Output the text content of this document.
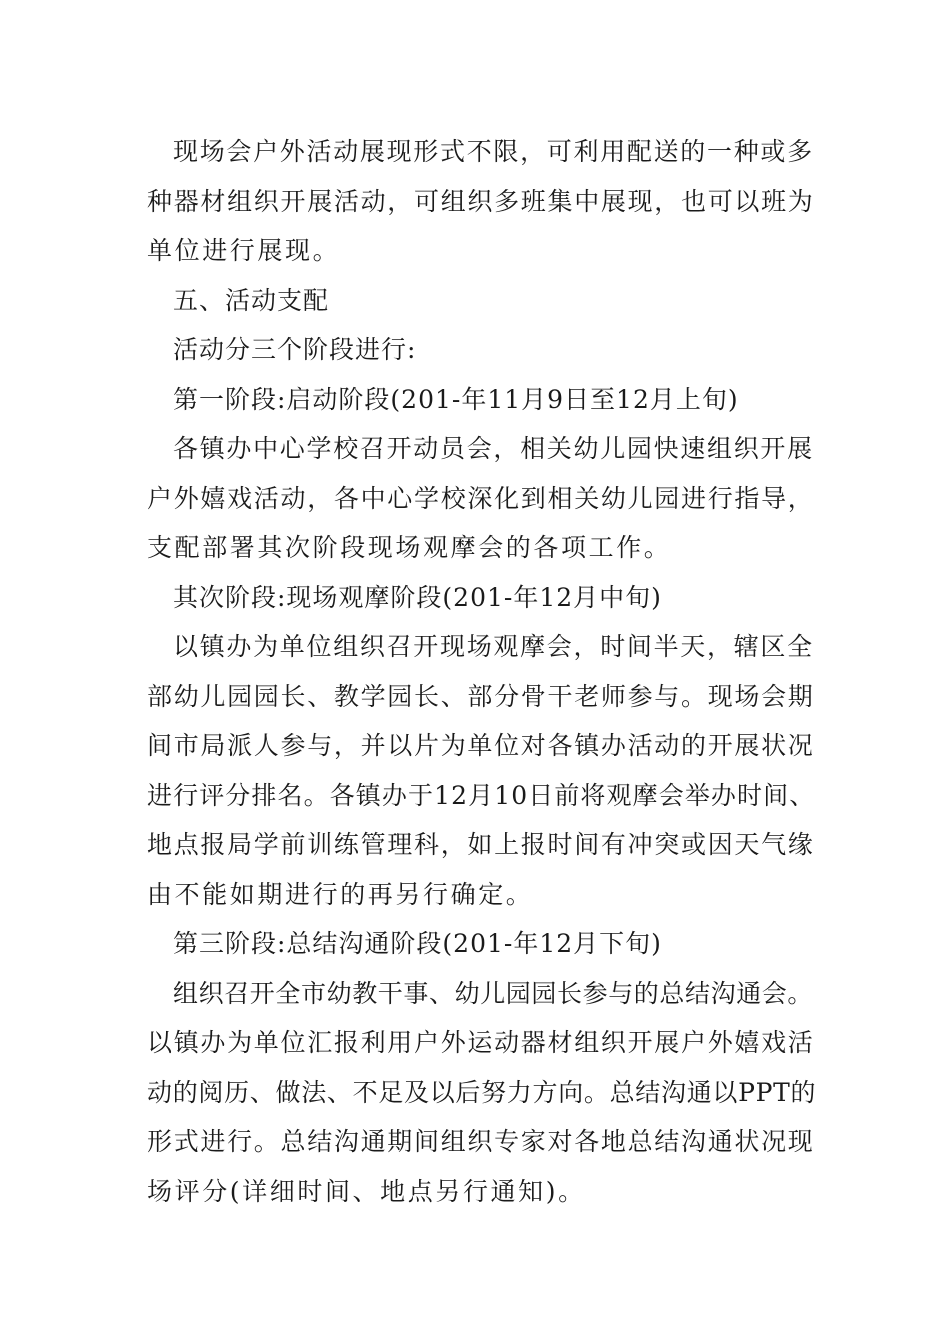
现场会户外活动展现形式不限，可利用配送的一种或多
种器材组织开展活动，可组织多班集中展现，也可以班为
单位进行展现。
五、活动支配
活动分三个阶段进行:
第一阶段:启动阶段(201-年11月9日至12月上旬)
各镇办中心学校召开动员会，相关幼儿园快速组织开展
户外嬉戏活动，各中心学校深化到相关幼儿园进行指导，
支配部署其次阶段现场观摩会的各项工作。
其次阶段:现场观摩阶段(201-年12月中旬)
以镇办为单位组织召开现场观摩会，时间半天，辖区全
部幼儿园园长、教学园长、部分骨干老师参与。现场会期
间市局派人参与，并以片为单位对各镇办活动的开展状况
进行评分排名。各镇办于12月10日前将观摩会举办时间、
地点报局学前训练管理科，如上报时间有冲突或因天气缘
由不能如期进行的再另行确定。
第三阶段:总结沟通阶段(201-年12月下旬)
组织召开全市幼教干事、幼儿园园长参与的总结沟通会。
以镇办为单位汇报利用户外运动器材组织开展户外嬉戏活
动的阅历、做法、不足及以后努力方向。总结沟通以PPT的
形式进行。总结沟通期间组织专家对各地总结沟通状况现
场评分(详细时间、地点另行通知)。
